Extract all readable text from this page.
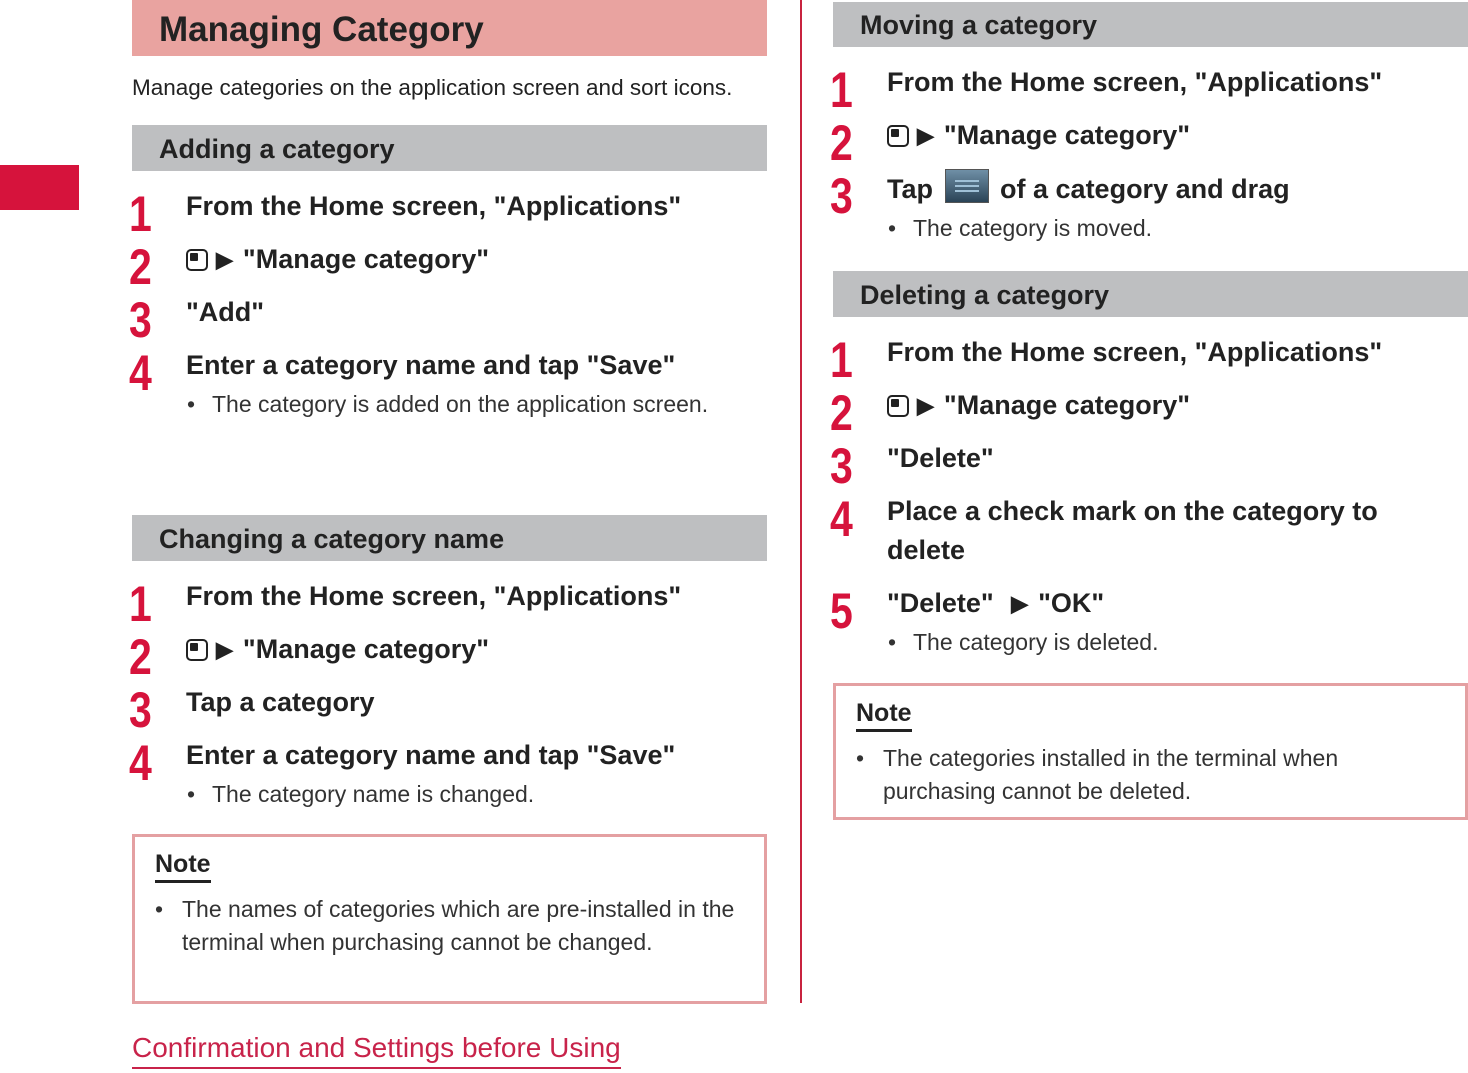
Managing Category
Manage categories on the application screen and sort icons.
Adding a category
1 From the Home screen, "Applications"
2	▶ "Manage category"
3 "Add"
4 Enter a category name and tap "Save"
• The category is added on the application screen.
Changing a category name
1 From the Home screen, "Applications"
2	▶ "Manage category"
3 Tap a category
4 Enter a category name and tap "Save"
• The category name is changed.
Note
• The names of categories which are pre-installed in the terminal when purchasing cannot be changed.
Moving a category
1 From the Home screen, "Applications"
2	▶ "Manage category"
3 Tap of a category and drag
• The category is moved.
Deleting a category
1 From the Home screen, "Applications"
2	▶ "Manage category"
3 "Delete"
4 Place a check mark on the category to delete
5 "Delete" ▶ "OK"
• The category is deleted.
Note
• The categories installed in the terminal when purchasing cannot be deleted.
Confirmation and Settings before Using
